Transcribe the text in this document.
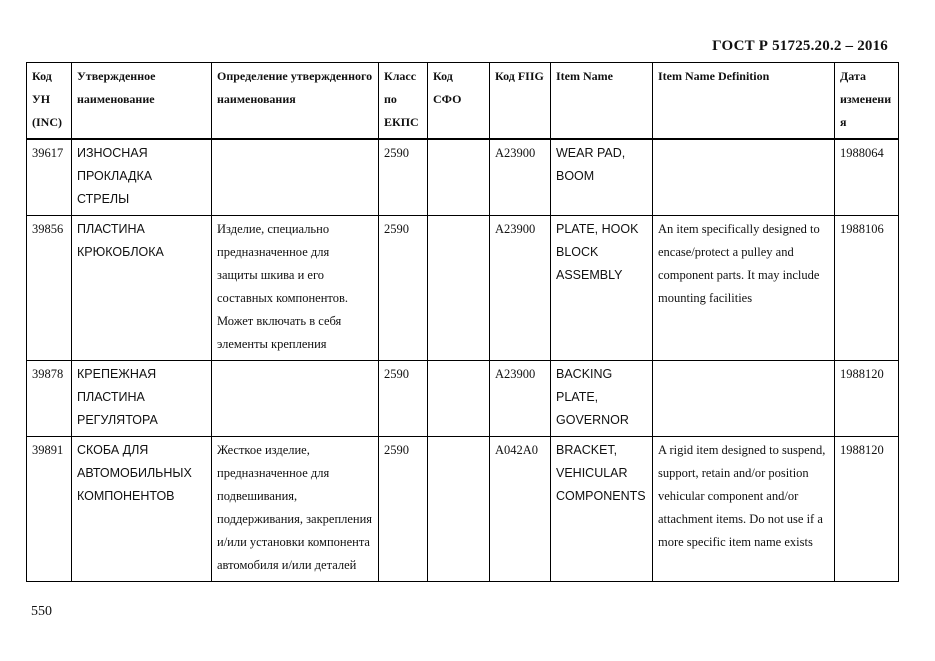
ГОСТ Р 51725.20.2 – 2016
Код УН (INC)	Утвержденное наименование	Определение утвержденного наименования	Класс по ЕКПС	Код СФО	Код FIIG	Item Name	Item Name Definition	Дата изменения
39617	ИЗНОСНАЯ ПРОКЛАДКА СТРЕЛЫ		2590		A23900	WEAR PAD, BOOM		1988064
39856	ПЛАСТИНА КРЮКОБЛОКА	Изделие, специально предназначенное для защиты шкива и его составных компонентов. Может включать в себя элементы крепления	2590		A23900	PLATE, HOOK BLOCK ASSEMBLY	An item specifically designed to encase/protect a pulley and component parts. It may include mounting facilities	1988106
39878	КРЕПЕЖНАЯ ПЛАСТИНА РЕГУЛЯТОРА		2590		A23900	BACKING PLATE, GOVERNOR		1988120
39891	СКОБА ДЛЯ АВТОМОБИЛЬНЫХ КОМПОНЕНТОВ	Жесткое изделие, предназначенное для подвешивания, поддерживания, закрепления и/или установки компонента автомобиля и/или деталей	2590		A042A0	BRACKET, VEHICULAR COMPONENTS	A rigid item designed to suspend, support, retain and/or position vehicular component and/or attachment items. Do not use if a more specific item name exists	1988120
550
